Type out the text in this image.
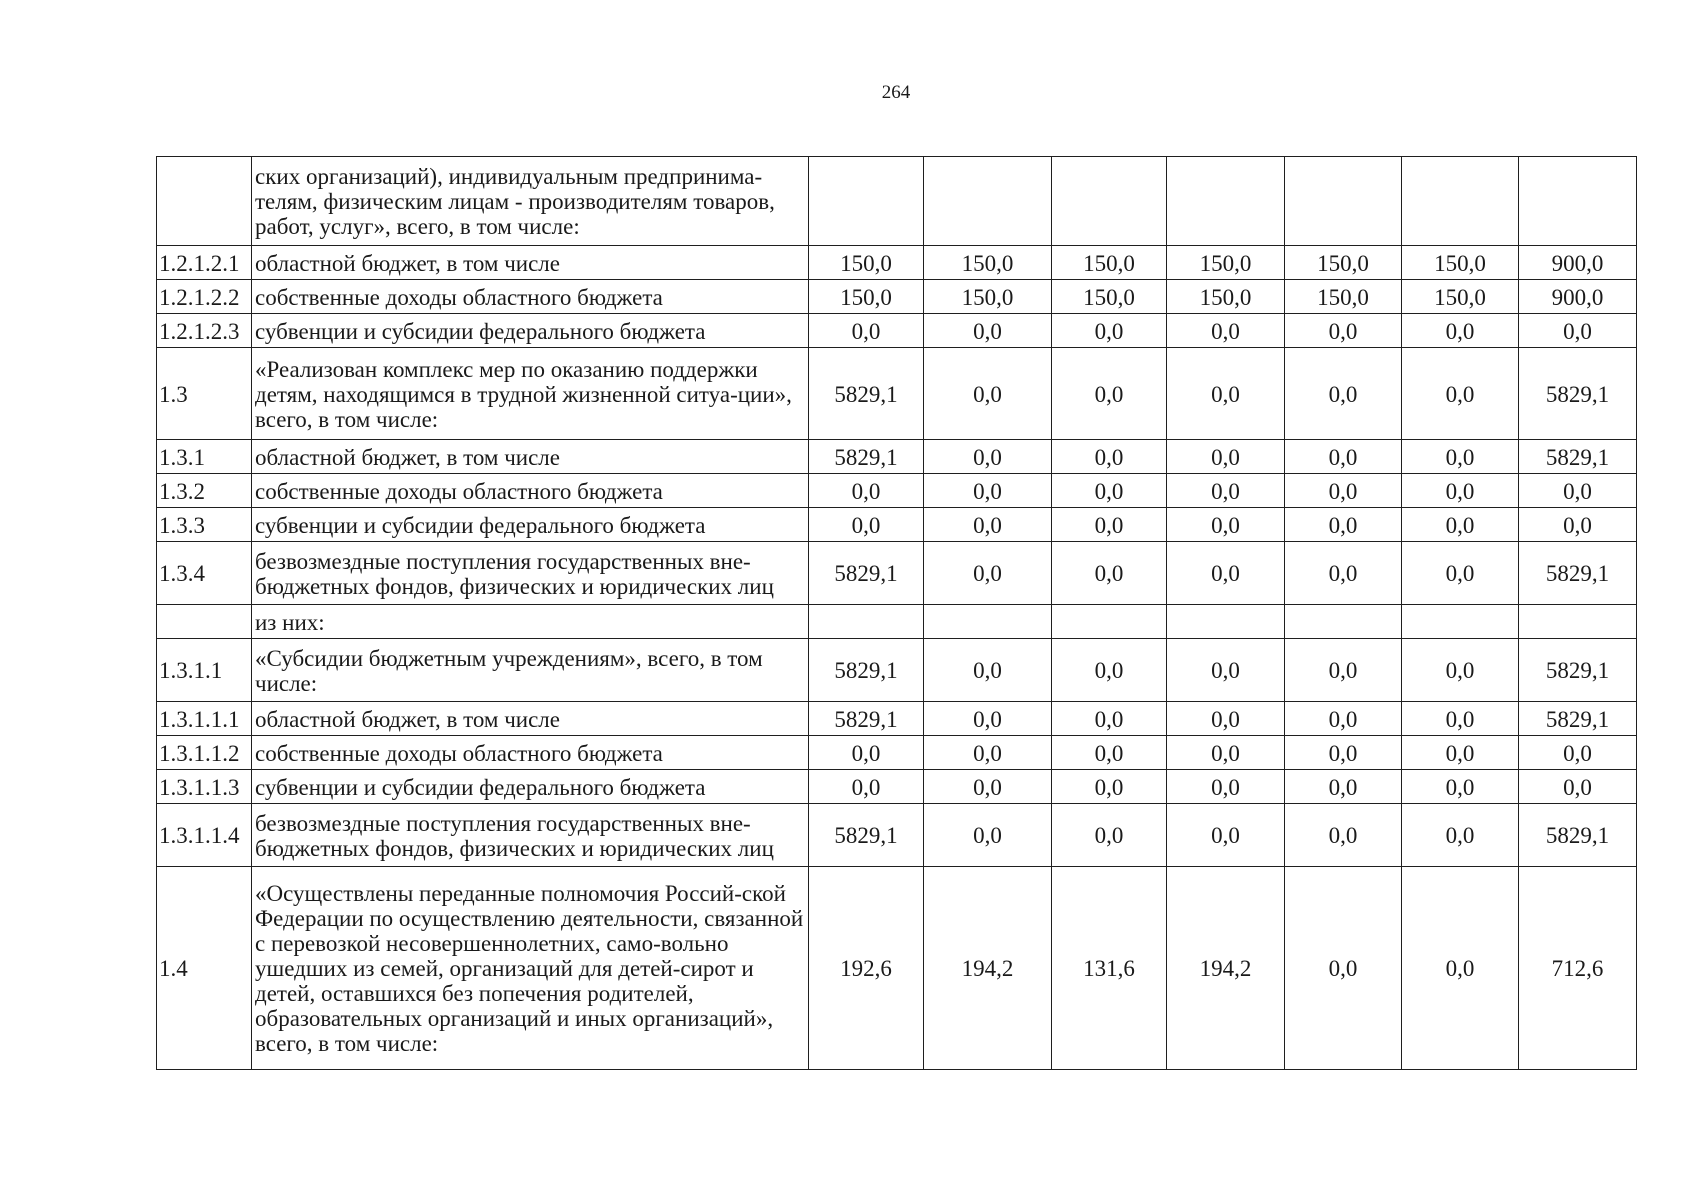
264
	ских организаций), индивидуальным предпринима-телям, физическим лицам - производителям товаров, работ, услуг», всего, в том числе:							
1.2.1.2.1	областной бюджет, в том числе	150,0	150,0	150,0	150,0	150,0	150,0	900,0
1.2.1.2.2	собственные доходы областного бюджета	150,0	150,0	150,0	150,0	150,0	150,0	900,0
1.2.1.2.3	субвенции и субсидии федерального бюджета	0,0	0,0	0,0	0,0	0,0	0,0	0,0
1.3	«Реализован комплекс мер по оказанию поддержки детям, находящимся в трудной жизненной ситуа-ции», всего, в том числе:	5829,1	0,0	0,0	0,0	0,0	0,0	5829,1
1.3.1	областной бюджет, в том числе	5829,1	0,0	0,0	0,0	0,0	0,0	5829,1
1.3.2	собственные доходы областного бюджета	0,0	0,0	0,0	0,0	0,0	0,0	0,0
1.3.3	субвенции и субсидии федерального бюджета	0,0	0,0	0,0	0,0	0,0	0,0	0,0
1.3.4	безвозмездные поступления государственных вне-бюджетных фондов, физических и юридических лиц	5829,1	0,0	0,0	0,0	0,0	0,0	5829,1
	из них:							
1.3.1.1	«Субсидии бюджетным учреждениям», всего, в том числе:	5829,1	0,0	0,0	0,0	0,0	0,0	5829,1
1.3.1.1.1	областной бюджет, в том числе	5829,1	0,0	0,0	0,0	0,0	0,0	5829,1
1.3.1.1.2	собственные доходы областного бюджета	0,0	0,0	0,0	0,0	0,0	0,0	0,0
1.3.1.1.3	субвенции и субсидии федерального бюджета	0,0	0,0	0,0	0,0	0,0	0,0	0,0
1.3.1.1.4	безвозмездные поступления государственных вне-бюджетных фондов, физических и юридических лиц	5829,1	0,0	0,0	0,0	0,0	0,0	5829,1
1.4	«Осуществлены переданные полномочия Россий-ской Федерации по осуществлению деятельности, связанной с перевозкой несовершеннолетних, само-вольно ушедших из семей, организаций для детей-сирот и детей, оставшихся без попечения родителей, образовательных организаций и иных организаций», всего, в том числе:	192,6	194,2	131,6	194,2	0,0	0,0	712,6
